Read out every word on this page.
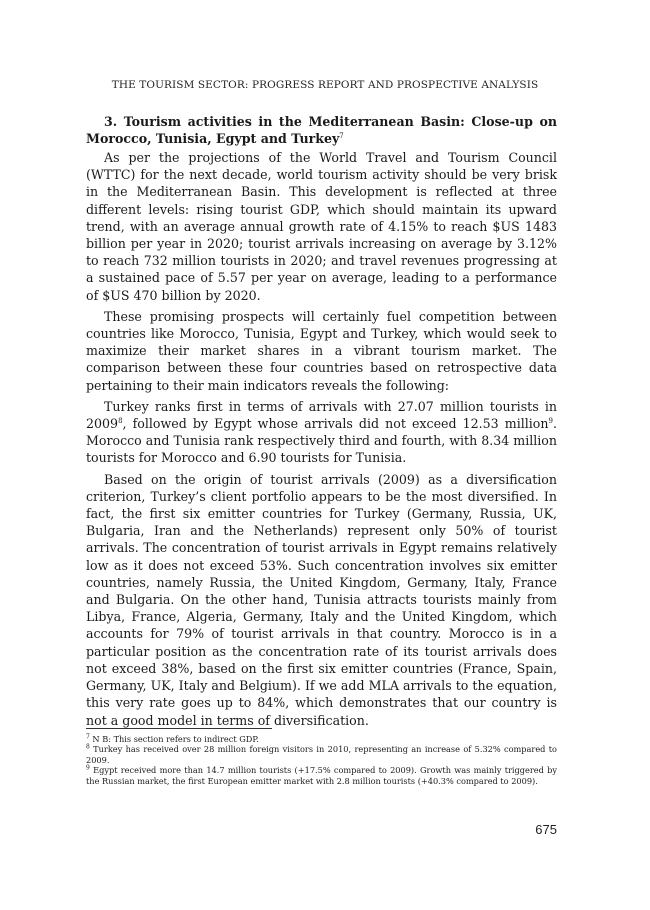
THE TOURISM SECTOR: PROGRESS REPORT AND PROSPECTIVE ANALYSIS
3. Tourism activities in the Mediterranean Basin: Close-up on Morocco, Tunisia, Egypt and Turkey$^7$

As per the projections of the World Travel and Tourism Council (WTTC) for the next decade, world tourism activity should be very brisk in the Mediterranean Basin. This development is reflected at three different levels: rising tourist GDP, which should maintain its upward trend, with an average annual growth rate of 4.15% to reach $US 1483 billion per year in 2020; tourist arrivals increasing on average by 3.12% to reach 732 million tourists in 2020; and travel revenues progressing at a sustained pace of 5.57 per year on average, leading to a performance of $US 470 billion by 2020.

These promising prospects will certainly fuel competition between countries like Morocco, Tunisia, Egypt and Turkey, which would seek to maximize their market shares in a vibrant tourism market. The comparison between these four countries based on retrospective data pertaining to their main indicators reveals the following:

Turkey ranks first in terms of arrivals with 27.07 million tourists in 2009$^8$, followed by Egypt whose arrivals did not exceed 12.53 million$^9$. Morocco and Tunisia rank respectively third and fourth, with 8.34 million tourists for Morocco and 6.90 tourists for Tunisia.

Based on the origin of tourist arrivals (2009) as a diversification criterion, Turkey’s client portfolio appears to be the most diversified. In fact, the first six emitter countries for Turkey (Germany, Russia, UK, Bulgaria, Iran and the Netherlands) represent only 50% of tourist arrivals. The concentration of tourist arrivals in Egypt remains relatively low as it does not exceed 53%. Such concentration involves six emitter countries, namely Russia, the United Kingdom, Germany, Italy, France and Bulgaria. On the other hand, Tunisia attracts tourists mainly from Libya, France, Algeria, Germany, Italy and the United Kingdom, which accounts for 79% of tourist arrivals in that country. Morocco is in a particular position as the concentration rate of its tourist arrivals does not exceed 38%, based on the first six emitter countries (France, Spain, Germany, UK, Italy and Belgium). If we add MLA arrivals to the equation, this very rate goes up to 84%, which demonstrates that our country is not a good model in terms of diversification.

$^7$ N B: This section refers to indirect GDP.

$^8$ Turkey has received over 28 million foreign visitors in 2010, representing an increase of 5.32% compared to 2009.

$^9$ Egypt received more than 14.7 million tourists (+17.5% compared to 2009). Growth was mainly triggered by the Russian market, the first European emitter market with 2.8 million tourists (+40.3% compared to 2009).

675
